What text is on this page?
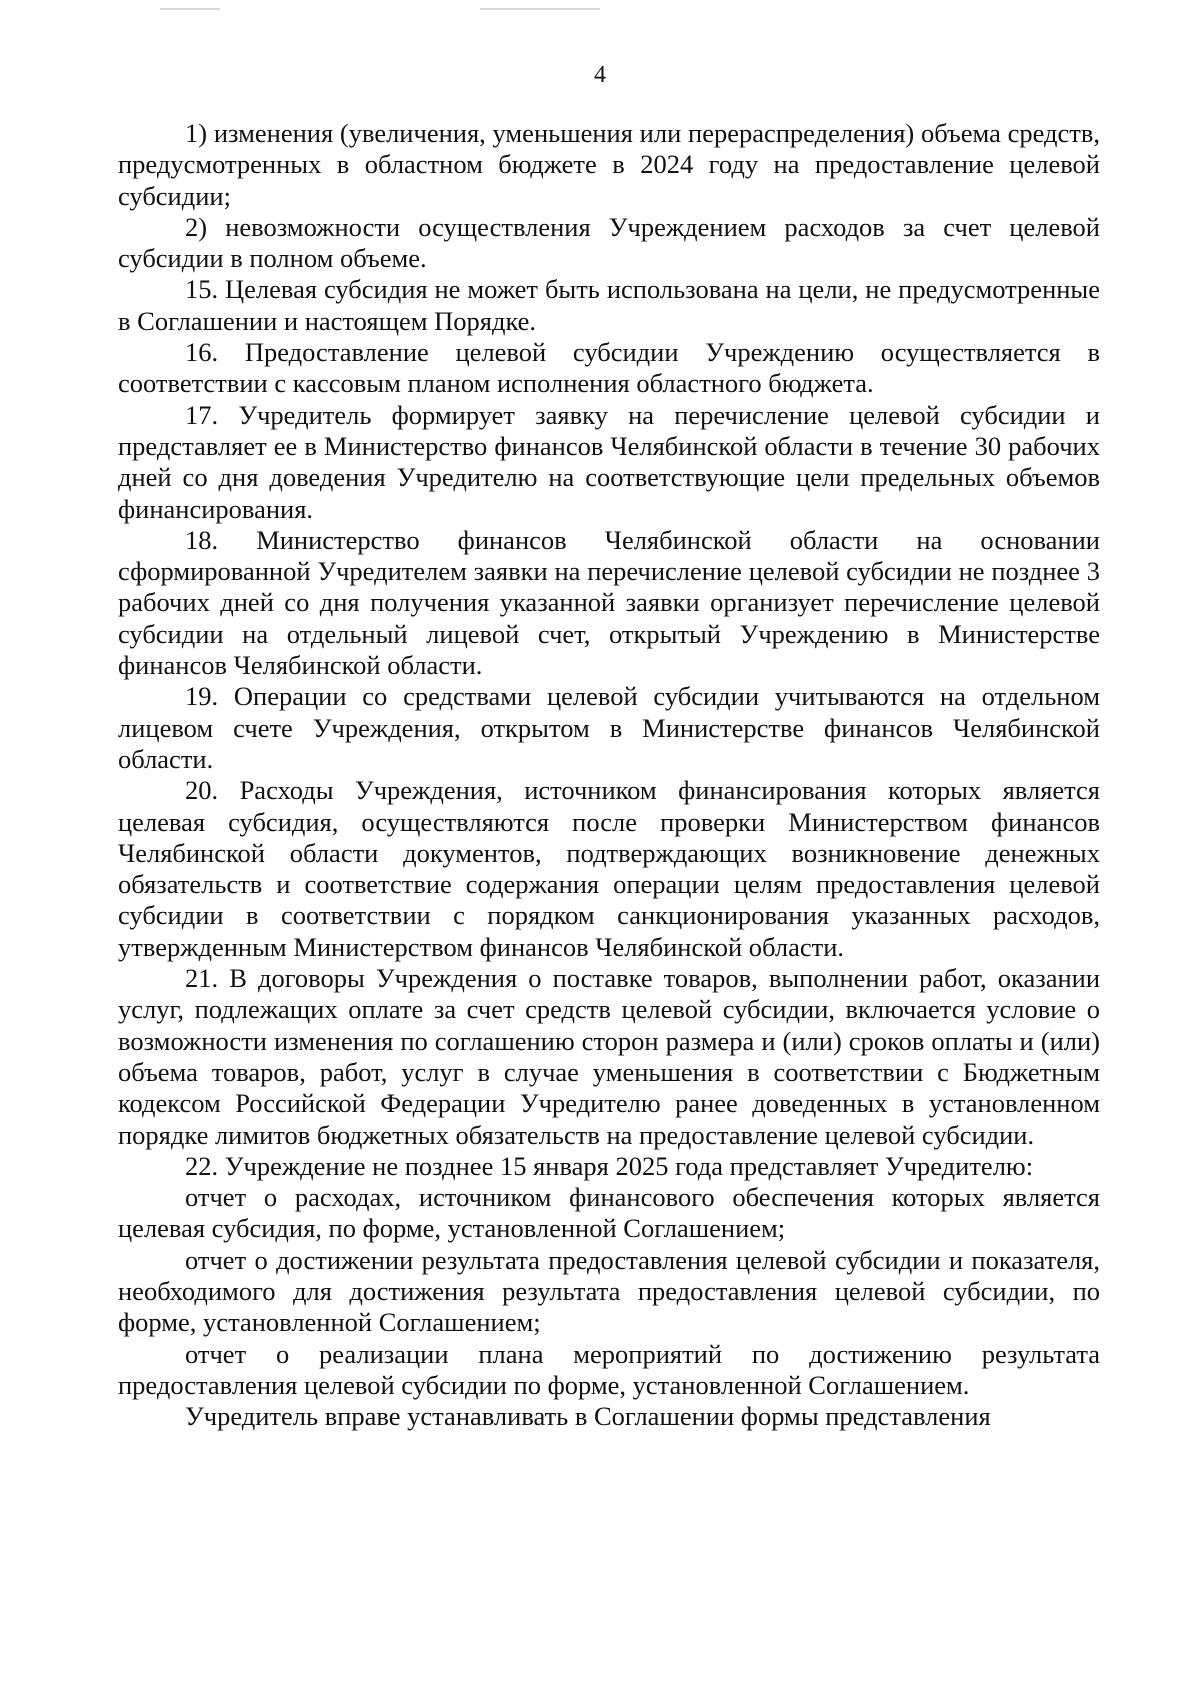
4

1) изменения (увеличения, уменьшения или перераспределения) объема средств, предусмотренных в областном бюджете в 2024 году на предоставление целевой субсидии;

2) невозможности осуществления Учреждением расходов за счет целевой субсидии в полном объеме.

15. Целевая субсидия не может быть использована на цели, не предусмотренные в Соглашении и настоящем Порядке.

16. Предоставление целевой субсидии Учреждению осуществляется в соответствии с кассовым планом исполнения областного бюджета.

17. Учредитель формирует заявку на перечисление целевой субсидии и представляет ее в Министерство финансов Челябинской области в течение 30 рабочих дней со дня доведения Учредителю на соответствующие цели предельных объемов финансирования.

18. Министерство финансов Челябинской области на основании сформированной Учредителем заявки на перечисление целевой субсидии не позднее 3 рабочих дней со дня получения указанной заявки организует перечисление целевой субсидии на отдельный лицевой счет, открытый Учреждению в Министерстве финансов Челябинской области.

19. Операции со средствами целевой субсидии учитываются на отдельном лицевом счете Учреждения, открытом в Министерстве финансов Челябинской области.

20. Расходы Учреждения, источником финансирования которых является целевая субсидия, осуществляются после проверки Министерством финансов Челябинской области документов, подтверждающих возникновение денежных обязательств и соответствие содержания операции целям предоставления целевой субсидии в соответствии с порядком санкционирования указанных расходов, утвержденным Министерством финансов Челябинской области.

21. В договоры Учреждения о поставке товаров, выполнении работ, оказании услуг, подлежащих оплате за счет средств целевой субсидии, включается условие о возможности изменения по соглашению сторон размера и (или) сроков оплаты и (или) объема товаров, работ, услуг в случае уменьшения в соответствии с Бюджетным кодексом Российской Федерации Учредителю ранее доведенных в установленном порядке лимитов бюджетных обязательств на предоставление целевой субсидии.

22. Учреждение не позднее 15 января 2025 года представляет Учредителю:

отчет о расходах, источником финансового обеспечения которых является целевая субсидия, по форме, установленной Соглашением;

отчет о достижении результата предоставления целевой субсидии и показателя, необходимого для достижения результата предоставления целевой субсидии, по форме, установленной Соглашением;

отчет о реализации плана мероприятий по достижению результата предоставления целевой субсидии по форме, установленной Соглашением.

Учредитель вправе устанавливать в Соглашении формы представления
